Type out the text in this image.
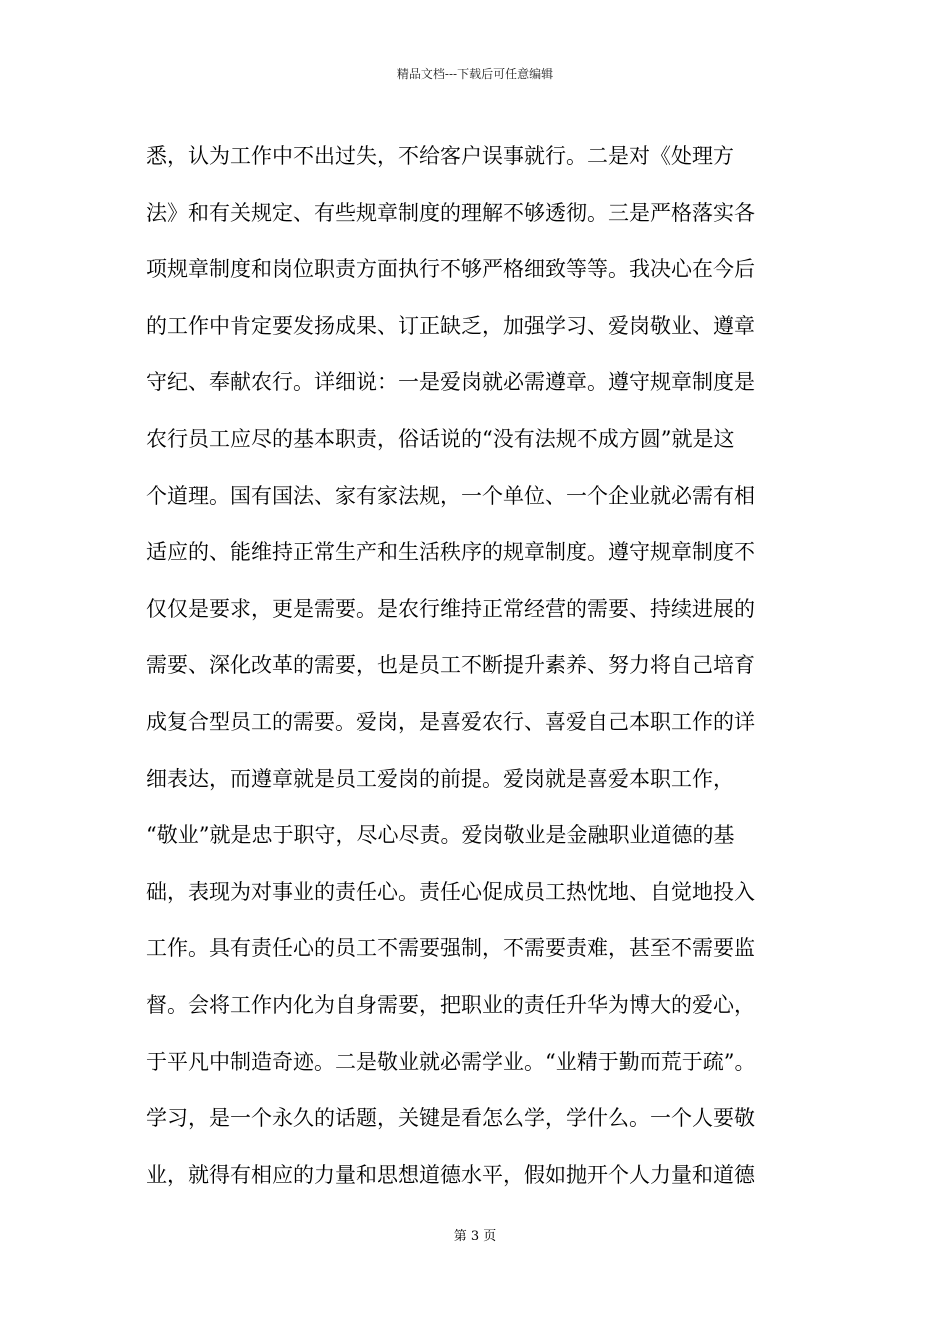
精品文档---下载后可任意编辑
悉，认为工作中不出过失，不给客户误事就行。二是对《处理方
法》和有关规定、有些规章制度的理解不够透彻。三是严格落实各
项规章制度和岗位职责方面执行不够严格细致等等。我决心在今后
的工作中肯定要发扬成果、订正缺乏，加强学习、爱岗敬业、遵章
守纪、奉献农行。详细说：一是爱岗就必需遵章。遵守规章制度是
农行员工应尽的基本职责，俗话说的“没有法规不成方圆”就是这
个道理。国有国法、家有家法规，一个单位、一个企业就必需有相
适应的、能维持正常生产和生活秩序的规章制度。遵守规章制度不
仅仅是要求，更是需要。是农行维持正常经营的需要、持续进展的
需要、深化改革的需要，也是员工不断提升素养、努力将自己培育
成复合型员工的需要。爱岗，是喜爱农行、喜爱自己本职工作的详
细表达，而遵章就是员工爱岗的前提。爱岗就是喜爱本职工作，
“敬业”就是忠于职守，尽心尽责。爱岗敬业是金融职业道德的基
础，表现为对事业的责任心。责任心促成员工热忱地、自觉地投入
工作。具有责任心的员工不需要强制，不需要责难，甚至不需要监
督。会将工作内化为自身需要，把职业的责任升华为博大的爱心，
于平凡中制造奇迹。二是敬业就必需学业。“业精于勤而荒于疏”。
学习，是一个永久的话题，关键是看怎么学，学什么。一个人要敬
业，就得有相应的力量和思想道德水平，假如抛开个人力量和道德
第 3 页
